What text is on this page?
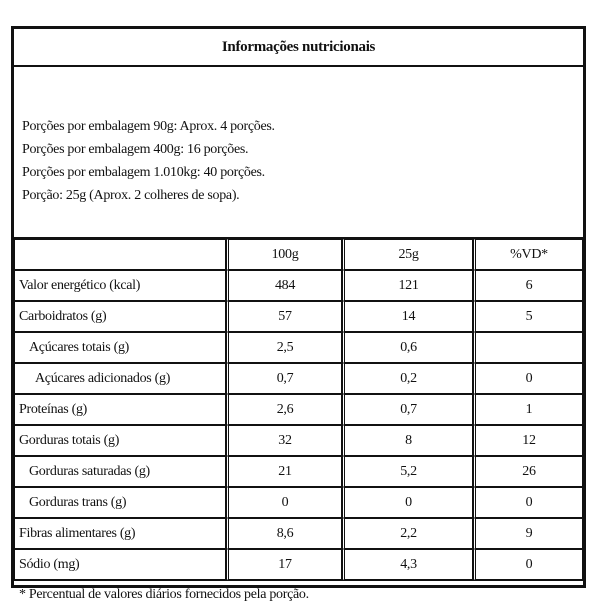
Informações nutricionais
Porções por embalagem 90g: Aprox. 4 porções.
Porções por embalagem 400g: 16 porções.
Porções por embalagem 1.010kg: 40 porções.
Porção: 25g (Aprox. 2 colheres de sopa).
	100g	25g	%VD*
Valor energético (kcal)	484	121	6
Carboidratos (g)	57	14	5
Açúcares totais (g)	2,5	0,6	
Açúcares adicionados (g)	0,7	0,2	0
Proteínas (g)	2,6	0,7	1
Gorduras totais (g)	32	8	12
Gorduras saturadas (g)	21	5,2	26
Gorduras trans (g)	0	0	0
Fibras alimentares (g)	8,6	2,2	9
Sódio (mg)	17	4,3	0
* Percentual de valores diários fornecidos pela porção.
